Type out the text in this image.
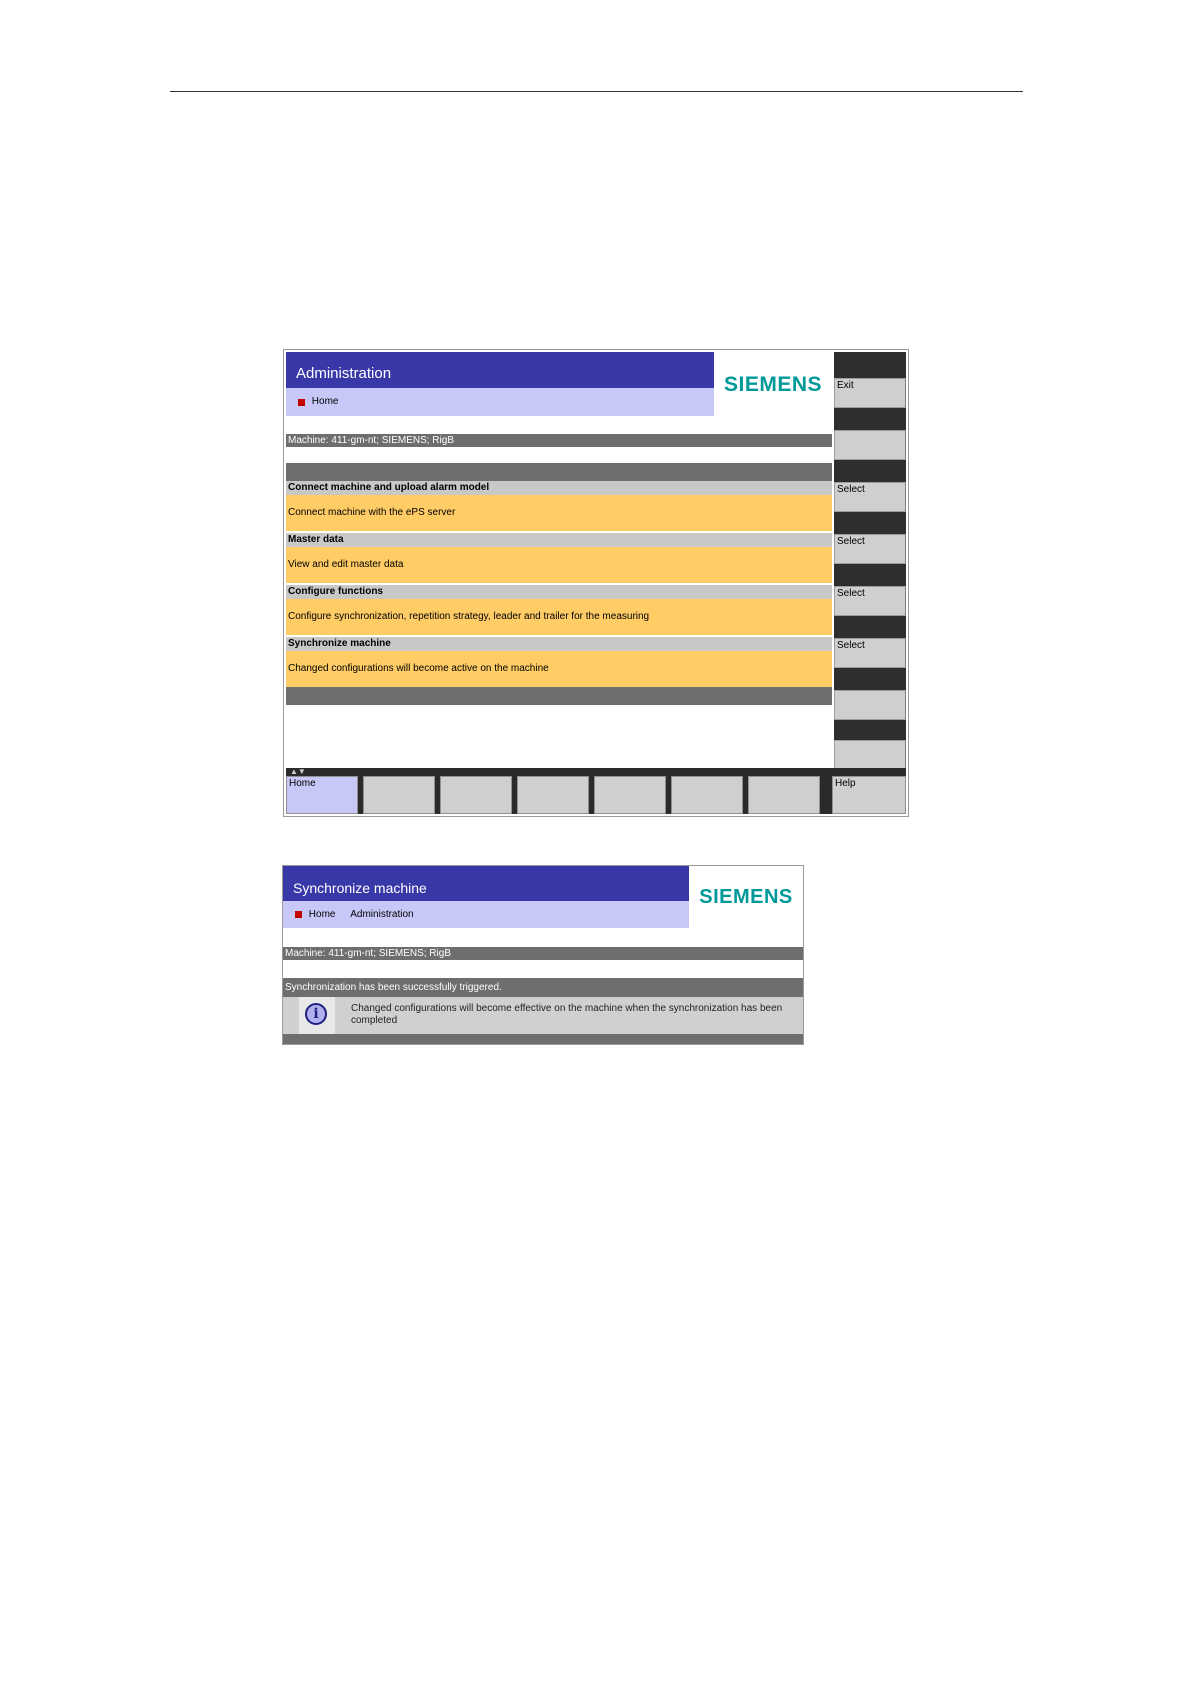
Administration
Home
SIEMENS
Machine: 411-gm-nt; SIEMENS; RigB
Connect machine and upload alarm model
Connect machine with the ePS server
Master data
View and edit master data
Configure functions
Configure synchronization, repetition strategy, leader and trailer for the measuring
Synchronize machine
Changed configurations will become active on the machine
Exit
Select
Select
Select
Select
▲▼
Home	Help
Synchronize machine
Home Administration
SIEMENS
Machine: 411-gm-nt; SIEMENS; RigB
Synchronization has been successfully triggered.
i	Changed configurations will become effective on the machine when the synchronization has been completed
